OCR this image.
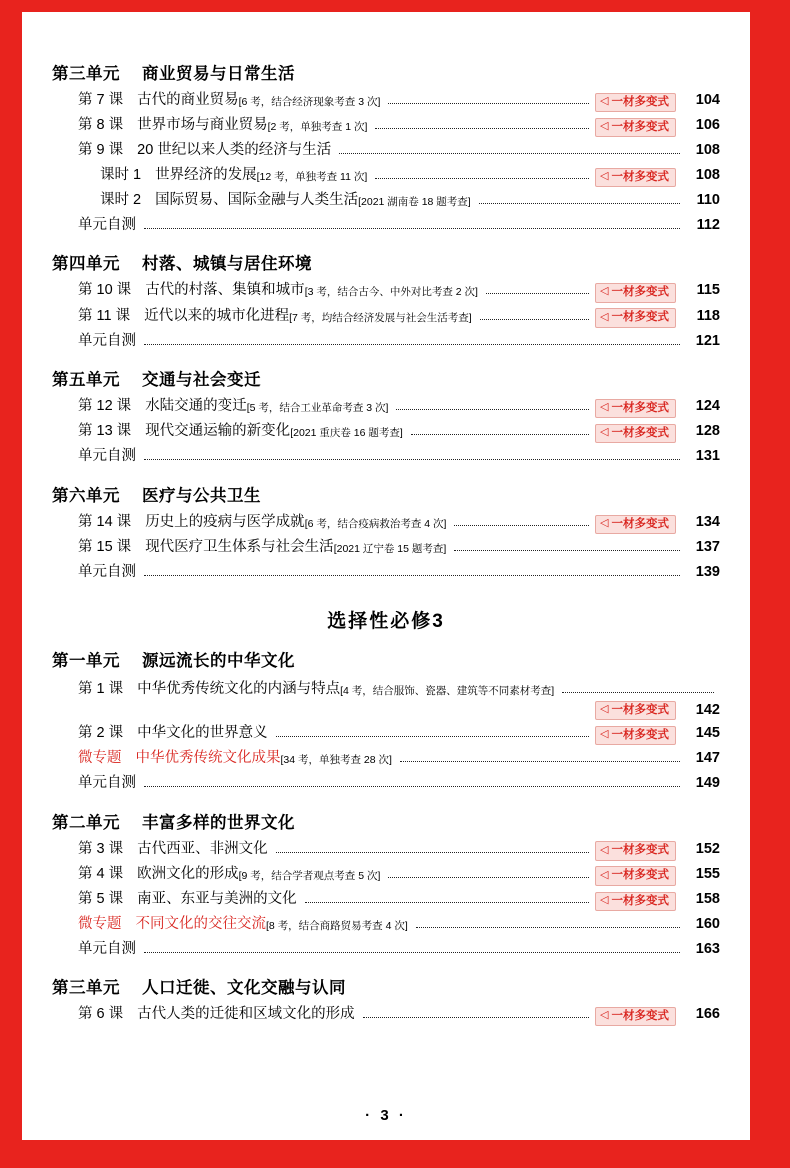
第三单元 商业贸易与日常生活
第 7 课 古代的商业贸易 [6 考，结合经济现象考查 3 次]	◁ 一材多变式	104
第 8 课 世界市场与商业贸易 [2 考，单独考查 1 次]	◁ 一材多变式	106
第 9 课 20 世纪以来人类的经济与生活	108
课时 1 世界经济的发展 [12 考，单独考查 11 次]	◁ 一材多变式	108
课时 2 国际贸易、国际金融与人类生活 [2021 湖南卷 18 题考查]	110
单元自测	112
第四单元 村落、城镇与居住环境
第 10 课 古代的村落、集镇和城市 [3 考，结合古今、中外对比考查 2 次]	◁ 一材多变式	115
第 11 课 近代以来的城市化进程 [7 考，均结合经济发展与社会生活考查]	◁ 一材多变式	118
单元自测	121
第五单元 交通与社会变迁
第 12 课 水陆交通的变迁 [5 考，结合工业革命考查 3 次]	◁ 一材多变式	124
第 13 课 现代交通运输的新变化 [2021 重庆卷 16 题考查]	◁ 一材多变式	128
单元自测	131
第六单元 医疗与公共卫生
第 14 课 历史上的疫病与医学成就 [6 考，结合疫病救治考查 4 次]	◁ 一材多变式	134
第 15 课 现代医疗卫生体系与社会生活 [2021 辽宁卷 15 题考查]	137
单元自测	139
选择性必修3
第一单元 源远流长的中华文化
第 1 课 中华优秀传统文化的内涵与特点 [4 考，结合服饰、瓷器、建筑等不同素材考查]
◁ 一材多变式	142
第 2 课 中华文化的世界意义	◁ 一材多变式	145
微专题 中华优秀传统文化成果 [34 考，单独考查 28 次]	147
单元自测	149
第二单元 丰富多样的世界文化
第 3 课 古代西亚、非洲文化	◁ 一材多变式	152
第 4 课 欧洲文化的形成 [9 考，结合学者观点考查 5 次]	◁ 一材多变式	155
第 5 课 南亚、东亚与美洲的文化	◁ 一材多变式	158
微专题 不同文化的交往交流 [8 考，结合商路贸易考查 4 次]	160
单元自测	163
第三单元 人口迁徙、文化交融与认同
第 6 课 古代人类的迁徙和区域文化的形成	◁ 一材多变式	166
· 3 ·
